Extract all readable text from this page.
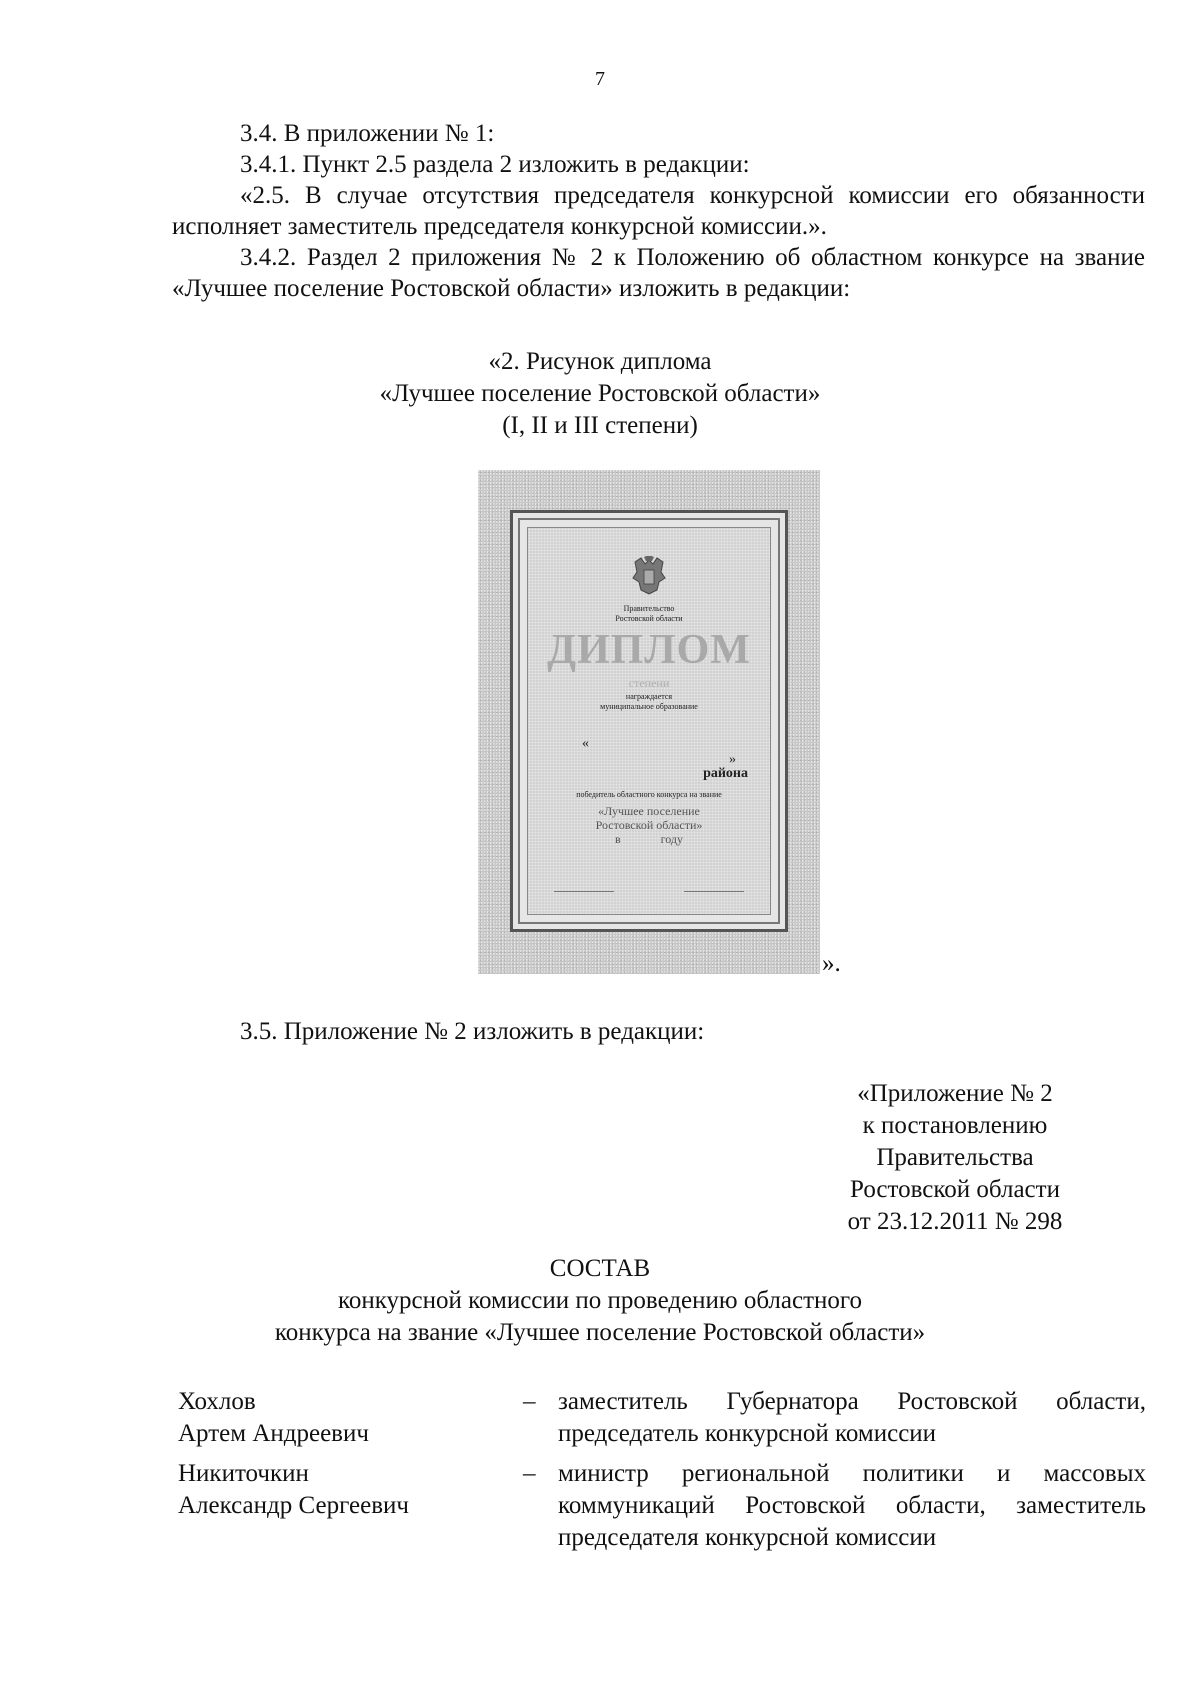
7

3.4. В приложении № 1:

3.4.1. Пункт 2.5 раздела 2 изложить в редакции:

«2.5. В случае отсутствия председателя конкурсной комиссии его обязанности исполняет заместитель председателя конкурсной комиссии.».

3.4.2. Раздел 2 приложения № 2 к Положению об областном конкурсе на звание «Лучшее поселение Ростовской области» изложить в редакции:

«2. Рисунок диплома
«Лучшее поселение Ростовской области»
(I, II и III степени)
Правительство
Ростовской области
ДИПЛОМ
степени
награждается
муниципальное образование
«
»
района
победитель областного конкурса на звание
«Лучшее поселение
Ростовской области»
в	году
».

3.5. Приложение № 2 изложить в редакции:

«Приложение № 2
к постановлению
Правительства
Ростовской области
от 23.12.2011 № 298
СОСТАВ
конкурсной комиссии по проведению областного
конкурса на звание «Лучшее поселение Ростовской области»
Хохлов
Артем Андреевич
– заместитель Губернатора Ростовской области, председатель конкурсной комиссии
Никиточкин
Александр Сергеевич
– министр региональной политики и массовых коммуникаций Ростовской области, заместитель председателя конкурсной комиссии
